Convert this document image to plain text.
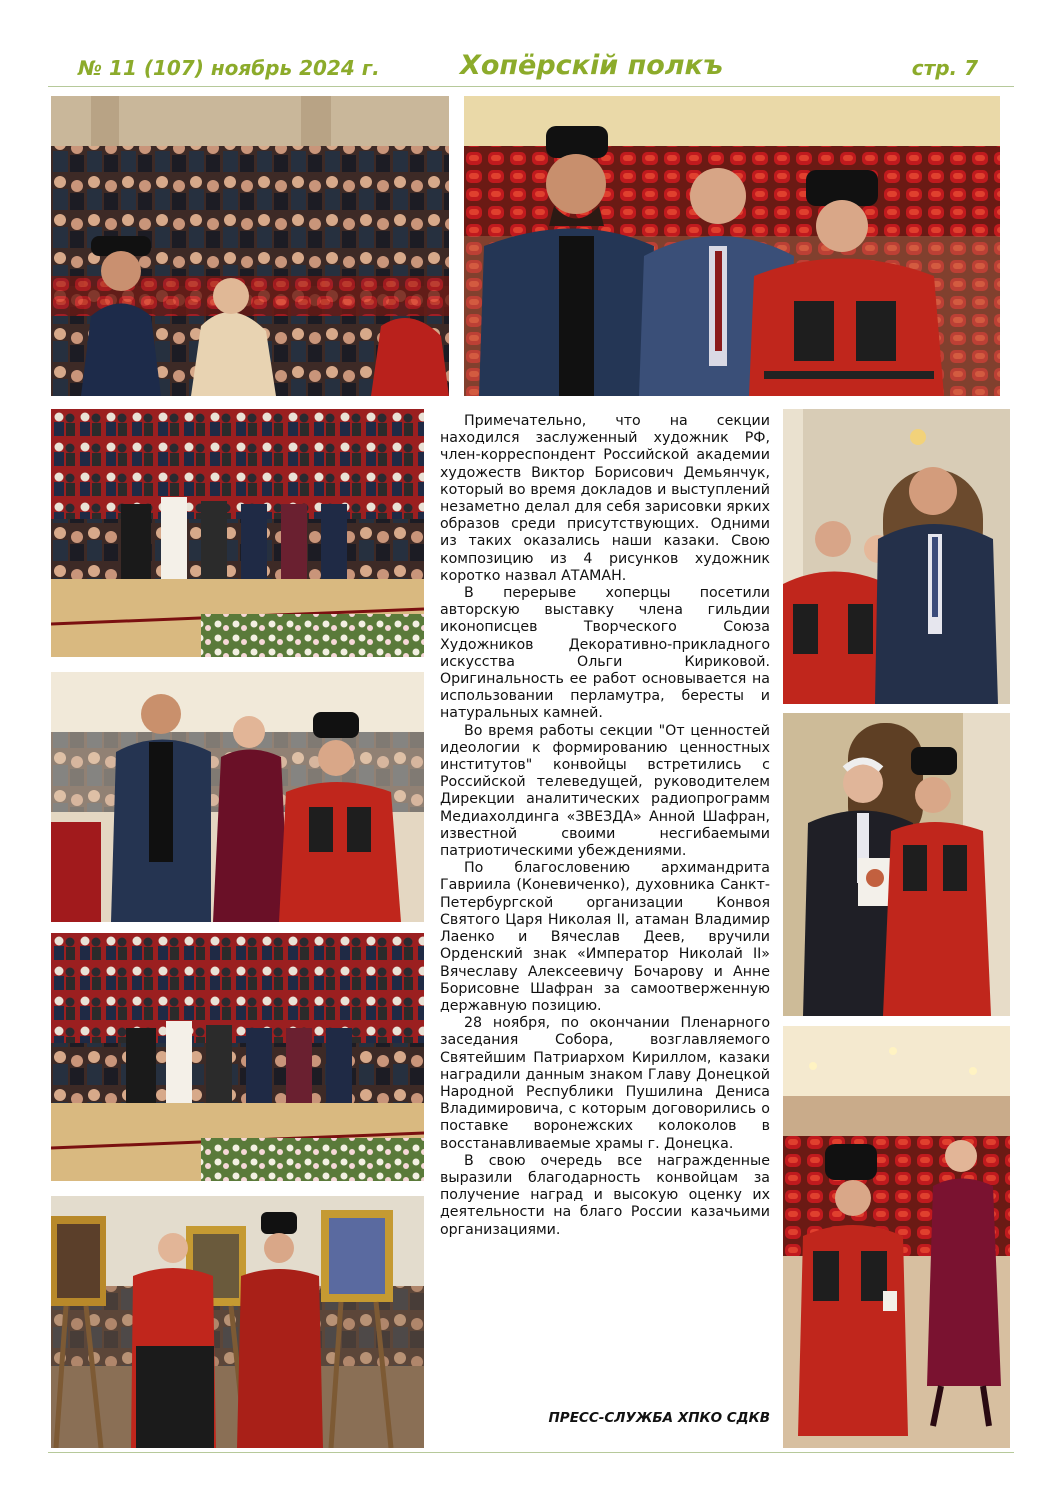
№ 11 (107) ноябрь 2024 г.	Хопёрскiй полкъ	стр. 7

Примечательно, что на секции находился заслуженный художник РФ, член-корреспондент Российской академии художеств Виктор Борисович Демьянчук, который во время докладов и выступлений незаметно делал для себя зарисовки ярких образов среди присутствующих. Одними из таких оказались наши казаки. Свою композицию из 4 рисунков художник коротко назвал АТАМАН.

В перерыве хоперцы посетили авторскую выставку члена гильдии иконописцев Творческого Союза Художников Декоративно-прикладного искусства Ольги Кириковой. Оригинальность ее работ основывается на использовании перламутра, бересты и натуральных камней.

Во время работы секции "От ценностей идеологии к формированию ценностных институтов" конвойцы встретились с Российской телеведущей, руководителем Дирекции аналитических радиопрограмм Медиахолдинга «ЗВЕЗДА» Анной Шафран, известной своими несгибаемыми патриотическими убеждениями.

По благословению архимандрита Гавриила (Коневиченко), духовника Санкт-Петербургской организации Конвоя Святого Царя Николая II, атаман Владимир Лаенко и Вячеслав Деев, вручили Орденский знак «Император Николай II» Вячеславу Алексеевичу Бочарову и Анне Борисовне Шафран за самоотверженную державную позицию.

28 ноября, по окончании Пленарного заседания Собора, возглавляемого Святейшим Патриархом Кириллом, казаки наградили данным знаком Главу Донецкой Народной Республики Пушилина Дениса Владимировича, с которым договорились о поставке воронежских колоколов в восстанавливаемые храмы г. Донецка.

В свою очередь все награжденные выразили благодарность конвойцам за получение наград и высокую оценку их деятельности на благо России казачьими организациями.

ПРЕСС-СЛУЖБА ХПКО СДКВ
